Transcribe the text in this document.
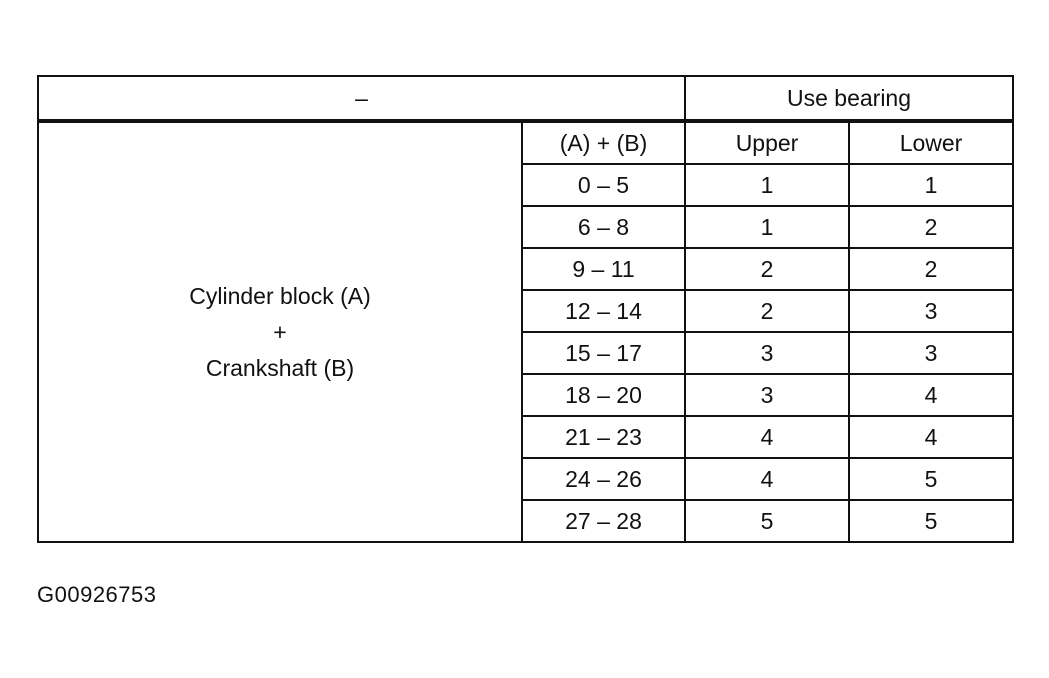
–		Use bearing	

Cylinder block (A)
+
Crankshaft (B)	(A) + (B)	Upper	Lower
	0 – 5	1	1
	6 – 8	1	2
	9 – 11	2	2
	12 – 14	2	3
	15 – 17	3	3
	18 – 20	3	4
	21 – 23	4	4
	24 – 26	4	5
	27 – 28	5	5
G00926753
